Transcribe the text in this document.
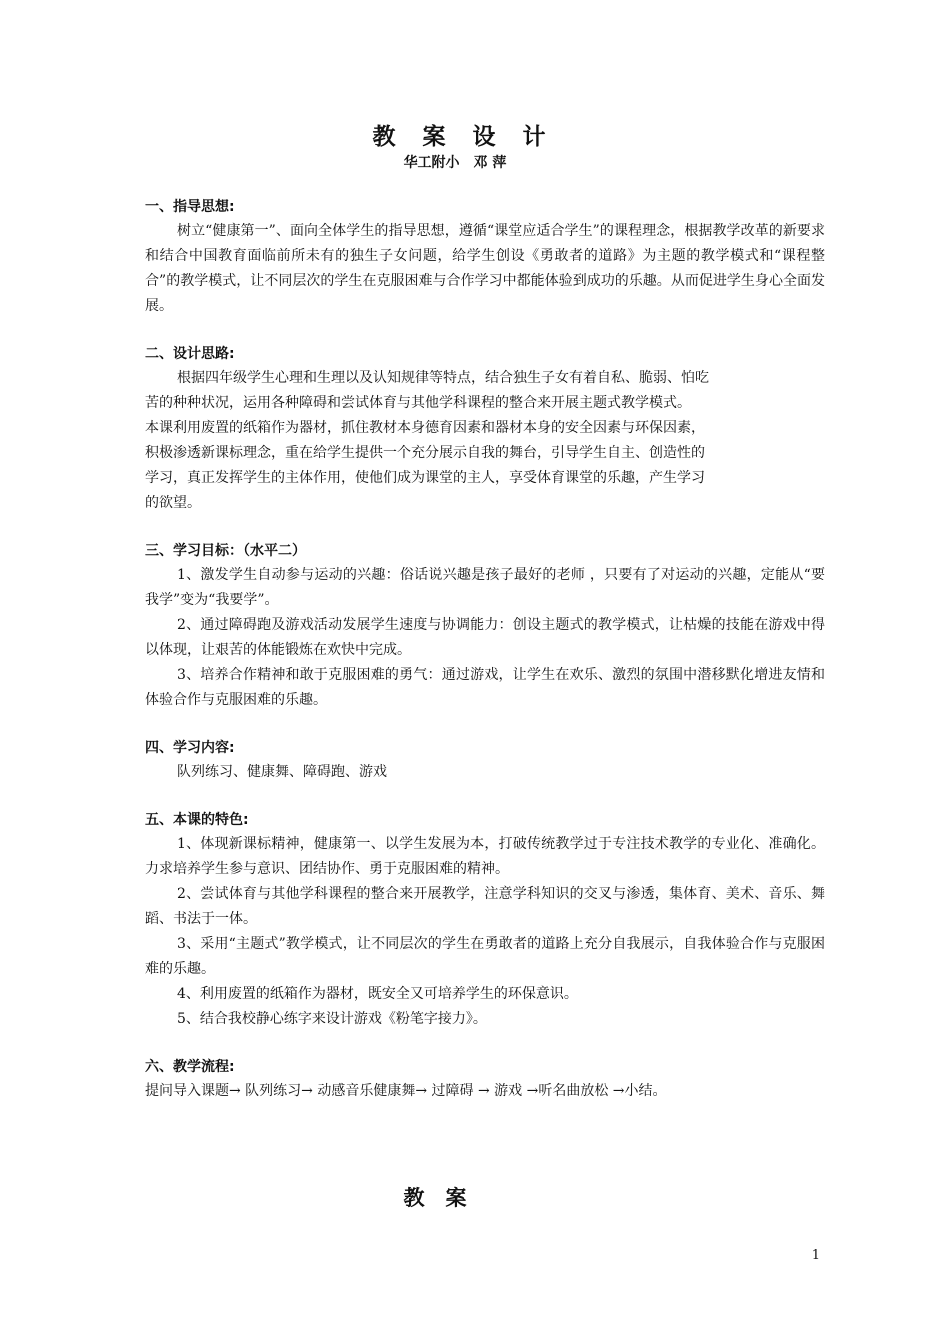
教　案　设　计
华工附小　邓 萍
一、指导思想:

树立“健康第一”、面向全体学生的指导思想，遵循“课堂应适合学生”的课程理念，根据教学改革的新要求和结合中国教育面临前所未有的独生子女问题，给学生创设《勇敢者的道路》为主题的教学模式和“课程整合”的教学模式，让不同层次的学生在克服困难与合作学习中都能体验到成功的乐趣。从而促进学生身心全面发展。

二、设计思路:
根据四年级学生心理和生理以及认知规律等特点，结合独生子女有着自私、脆弱、怕吃
苦的种种状况，运用各种障碍和尝试体育与其他学科课程的整合来开展主题式教学模式。
本课利用废置的纸箱作为器材，抓住教材本身德育因素和器材本身的安全因素与环保因素，
积极渗透新课标理念，重在给学生提供一个充分展示自我的舞台，引导学生自主、创造性的
学习，真正发挥学生的主体作用，使他们成为课堂的主人，享受体育课堂的乐趣，产生学习
的欲望。
三、学习目标：（水平二）

1、激发学生自动参与运动的兴趣：俗话说兴趣是孩子最好的老师 ，只要有了对运动的兴趣，定能从“要我学”变为“我要学”。

2、通过障碍跑及游戏活动发展学生速度与协调能力：创设主题式的教学模式，让枯燥的技能在游戏中得以体现，让艰苦的体能锻炼在欢快中完成。

3、培养合作精神和敢于克服困难的勇气：通过游戏，让学生在欢乐、激烈的氛围中潜移默化增进友情和体验合作与克服困难的乐趣。

四、学习内容:

队列练习、健康舞、障碍跑、游戏

五、本课的特色:

1、体现新课标精神，健康第一、以学生发展为本，打破传统教学过于专注技术教学的专业化、准确化。力求培养学生参与意识、团结协作、勇于克服困难的精神。

2、尝试体育与其他学科课程的整合来开展教学，注意学科知识的交叉与渗透，集体育、美术、音乐、舞蹈、书法于一体。

3、采用“主题式”教学模式，让不同层次的学生在勇敢者的道路上充分自我展示，自我体验合作与克服困难的乐趣。

4、利用废置的纸箱作为器材，既安全又可培养学生的环保意识。

5、结合我校静心练字来设计游戏《粉笔字接力》。

六、教学流程:
提问导入课题→ 队列练习→ 动感音乐健康舞→ 过障碍 → 游戏 →听名曲放松 →小结。
教　案
1
